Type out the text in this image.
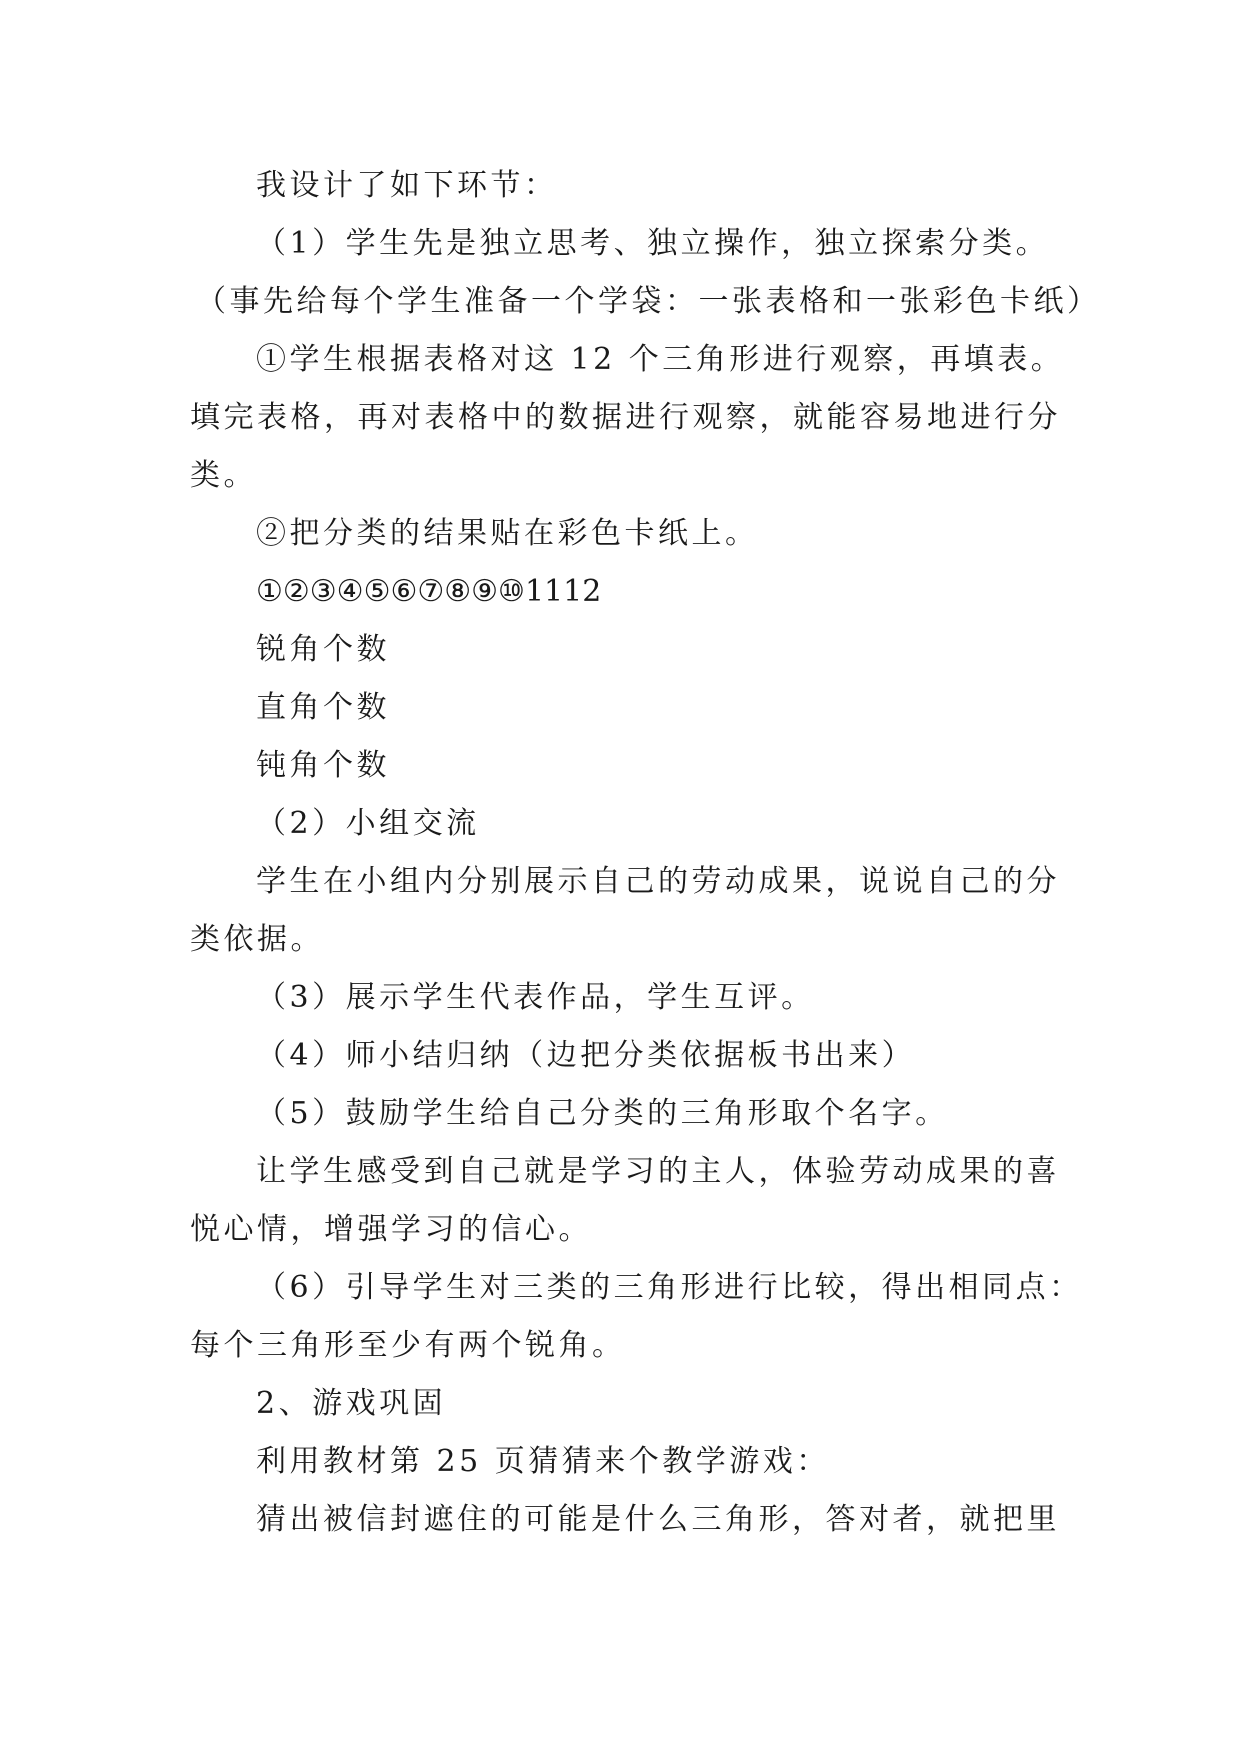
我设计了如下环节：
（1）学生先是独立思考、独立操作，独立探索分类。
（事先给每个学生准备一个学袋：一张表格和一张彩色卡纸）
①学生根据表格对这 12 个三角形进行观察，再填表。
填完表格，再对表格中的数据进行观察，就能容易地进行分
类。
②把分类的结果贴在彩色卡纸上。
①②③④⑤⑥⑦⑧⑨⑩1112
锐角个数
直角个数
钝角个数
（2）小组交流
学生在小组内分别展示自己的劳动成果，说说自己的分
类依据。
（3）展示学生代表作品，学生互评。
（4）师小结归纳（边把分类依据板书出来）
（5）鼓励学生给自己分类的三角形取个名字。
让学生感受到自己就是学习的主人，体验劳动成果的喜
悦心情，增强学习的信心。
（6）引导学生对三类的三角形进行比较，得出相同点：
每个三角形至少有两个锐角。
2、游戏巩固
利用教材第 25 页猜猜来个教学游戏：
猜出被信封遮住的可能是什么三角形，答对者，就把里
